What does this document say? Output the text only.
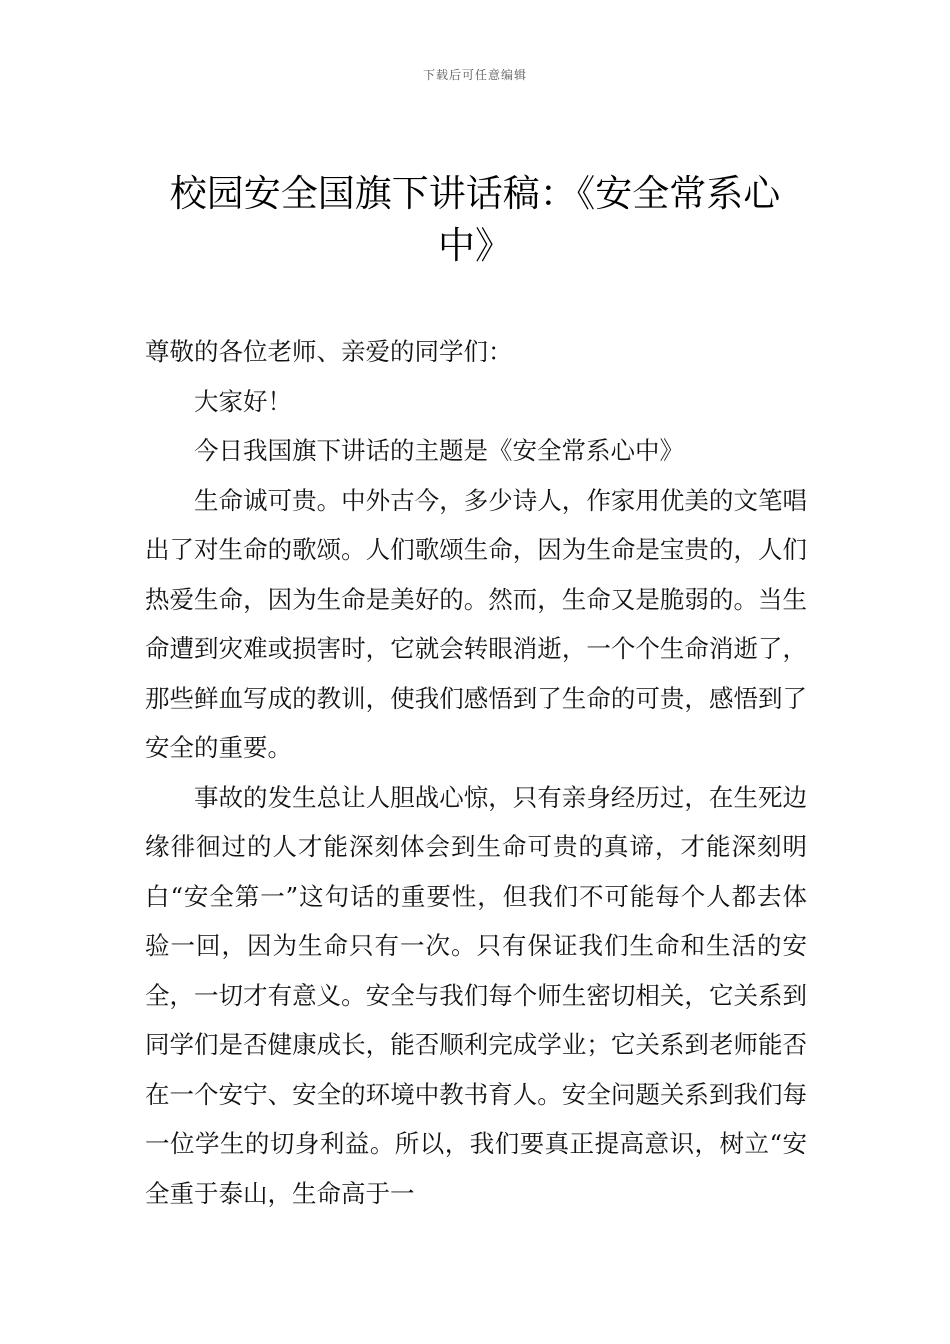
下载后可任意编辑
校园安全国旗下讲话稿：《安全常系心中》

尊敬的各位老师、亲爱的同学们：

大家好！

今日我国旗下讲话的主题是《安全常系心中》

生命诚可贵。中外古今，多少诗人，作家用优美的文笔唱出了对生命的歌颂。人们歌颂生命，因为生命是宝贵的，人们热爱生命，因为生命是美好的。然而，生命又是脆弱的。当生命遭到灾难或损害时，它就会转眼消逝，一个个生命消逝了，那些鲜血写成的教训，使我们感悟到了生命的可贵，感悟到了安全的重要。

事故的发生总让人胆战心惊，只有亲身经历过，在生死边缘徘徊过的人才能深刻体会到生命可贵的真谛，才能深刻明白“安全第一”这句话的重要性，但我们不可能每个人都去体验一回，因为生命只有一次。只有保证我们生命和生活的安全，一切才有意义。安全与我们每个师生密切相关，它关系到同学们是否健康成长，能否顺利完成学业；它关系到老师能否在一个安宁、安全的环境中教书育人。安全问题关系到我们每一位学生的切身利益。所以，我们要真正提高意识，树立“安全重于泰山，生命高于一
